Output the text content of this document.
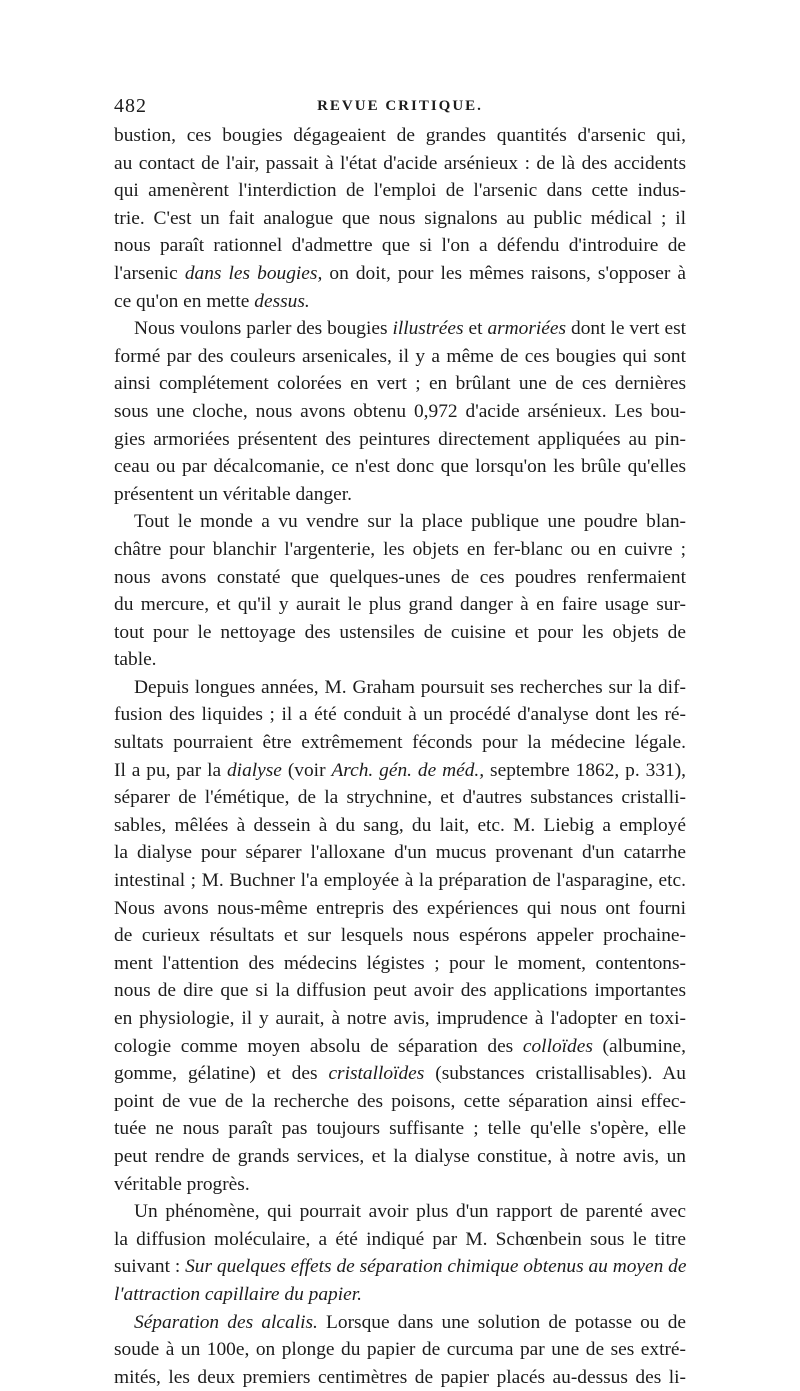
482	REVUE CRITIQUE.
bustion, ces bougies dégageaient de grandes quantités d'arsenic qui,
au contact de l'air, passait à l'état d'acide arsénieux : de là des accidents
qui amenèrent l'interdiction de l'emploi de l'arsenic dans cette indus-
trie. C'est un fait analogue que nous signalons au public médical ; il
nous paraît rationnel d'admettre que si l'on a défendu d'introduire de
l'arsenic dans les bougies, on doit, pour les mêmes raisons, s'opposer à
ce qu'on en mette dessus.
Nous voulons parler des bougies illustrées et armoriées dont le vert est
formé par des couleurs arsenicales, il y a même de ces bougies qui sont
ainsi complétement colorées en vert ; en brûlant une de ces dernières
sous une cloche, nous avons obtenu 0,972 d'acide arsénieux. Les bou-
gies armoriées présentent des peintures directement appliquées au pin-
ceau ou par décalcomanie, ce n'est donc que lorsqu'on les brûle qu'elles
présentent un véritable danger.
Tout le monde a vu vendre sur la place publique une poudre blan-
châtre pour blanchir l'argenterie, les objets en fer-blanc ou en cuivre ;
nous avons constaté que quelques-unes de ces poudres renfermaient
du mercure, et qu'il y aurait le plus grand danger à en faire usage sur-
tout pour le nettoyage des ustensiles de cuisine et pour les objets de
table.
Depuis longues années, M. Graham poursuit ses recherches sur la dif-
fusion des liquides ; il a été conduit à un procédé d'analyse dont les ré-
sultats pourraient être extrêmement féconds pour la médecine légale.
Il a pu, par la dialyse (voir Arch. gén. de méd., septembre 1862, p. 331),
séparer de l'émétique, de la strychnine, et d'autres substances cristalli-
sables, mêlées à dessein à du sang, du lait, etc. M. Liebig a employé
la dialyse pour séparer l'alloxane d'un mucus provenant d'un catarrhe
intestinal ; M. Buchner l'a employée à la préparation de l'asparagine, etc.
Nous avons nous-même entrepris des expériences qui nous ont fourni
de curieux résultats et sur lesquels nous espérons appeler prochaine-
ment l'attention des médecins légistes ; pour le moment, contentons-
nous de dire que si la diffusion peut avoir des applications importantes
en physiologie, il y aurait, à notre avis, imprudence à l'adopter en toxi-
cologie comme moyen absolu de séparation des colloïdes (albumine,
gomme, gélatine) et des cristalloïdes (substances cristallisables). Au
point de vue de la recherche des poisons, cette séparation ainsi effec-
tuée ne nous paraît pas toujours suffisante ; telle qu'elle s'opère, elle
peut rendre de grands services, et la dialyse constitue, à notre avis, un
véritable progrès.
Un phénomène, qui pourrait avoir plus d'un rapport de parenté avec
la diffusion moléculaire, a été indiqué par M. Schœnbein sous le titre
suivant : Sur quelques effets de séparation chimique obtenus au moyen de
l'attraction capillaire du papier.
Séparation des alcalis. Lorsque dans une solution de potasse ou de
soude à un 100e, on plonge du papier de curcuma par une de ses extré-
mités, les deux premiers centimètres de papier placés au-dessus des li-
